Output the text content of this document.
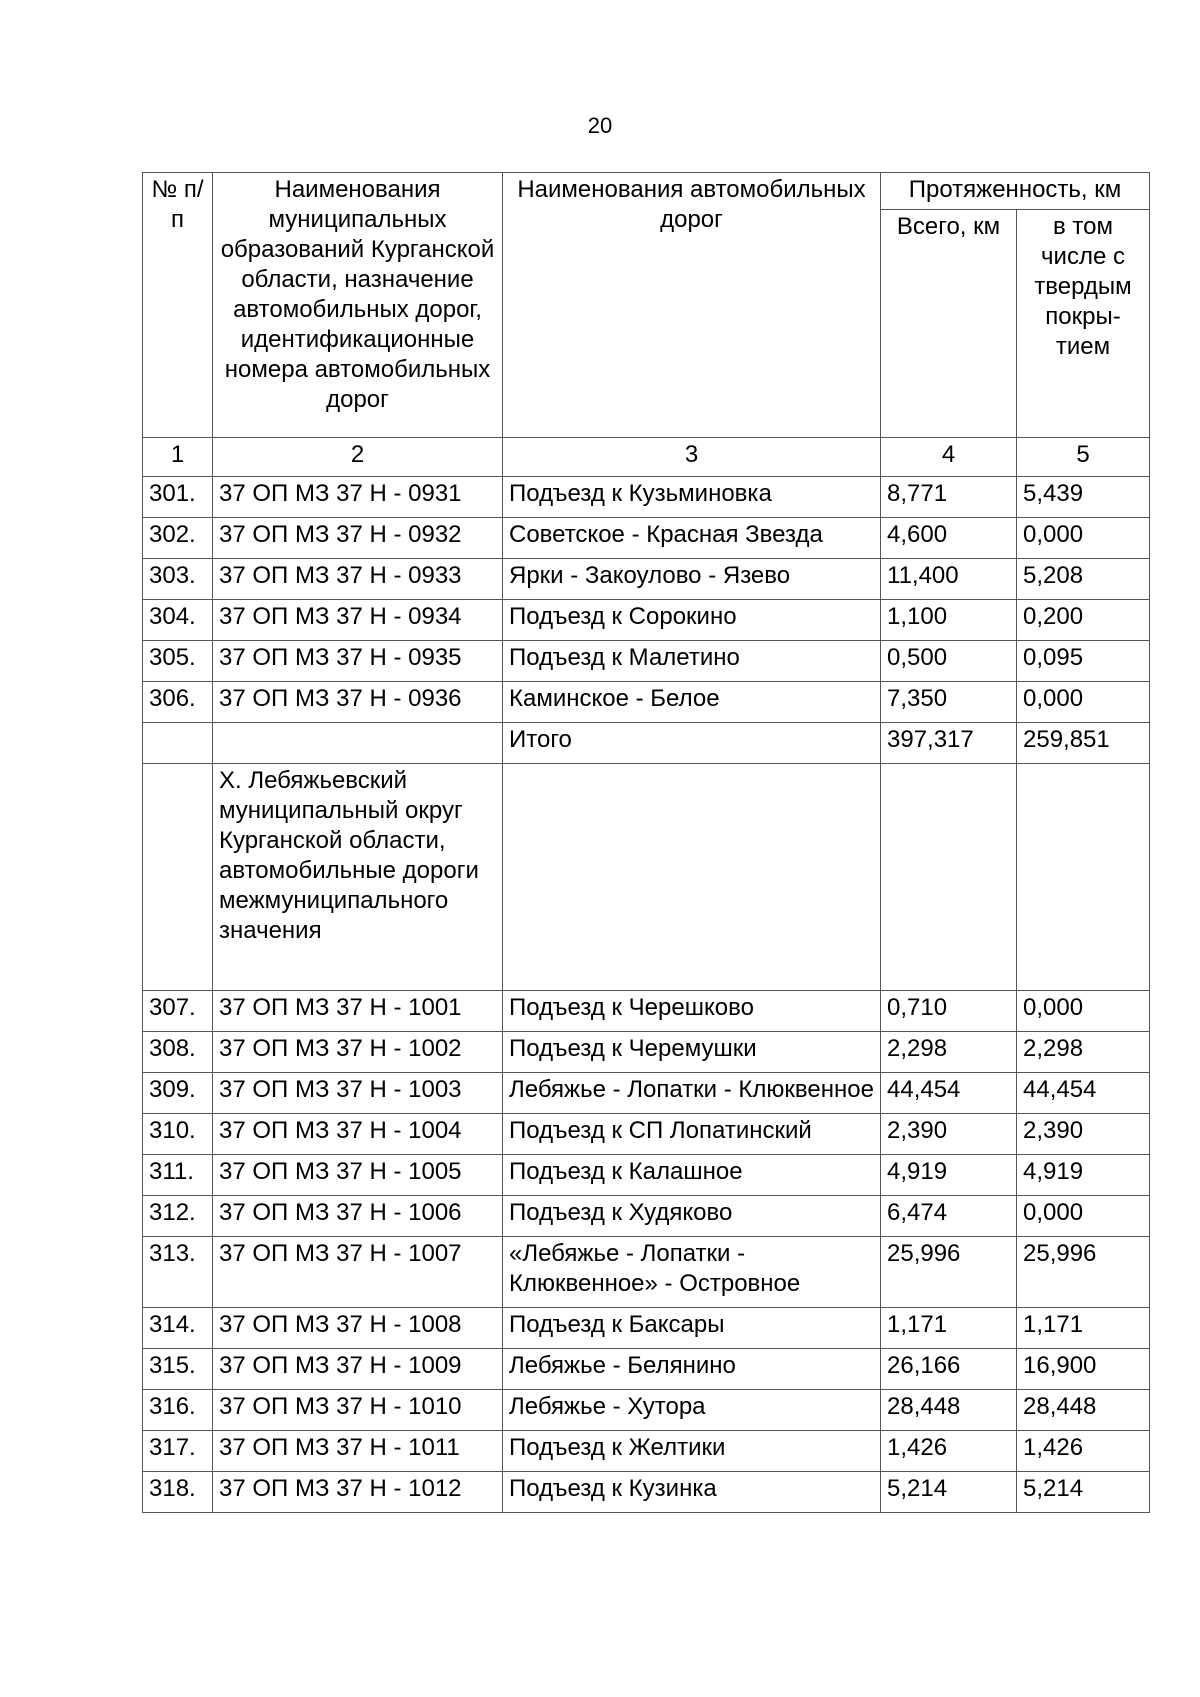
20
№ п/п	Наименования муниципальных образований Курганской области, назначение автомобильных дорог, идентификационные номера автомобильных дорог	Наименования автомобильных дорог	Протяженность, км	
			Всего, км	в том числе с твердым покры-тием
1	2	3	4	5
301.	37 ОП МЗ 37 Н - 0931	Подъезд к Кузьминовка	8,771	5,439
302.	37 ОП МЗ 37 Н - 0932	Советское - Красная Звезда	4,600	0,000
303.	37 ОП МЗ 37 Н - 0933	Ярки - Закоулово - Язево	11,400	5,208
304.	37 ОП МЗ 37 Н - 0934	Подъезд к Сорокино	1,100	0,200
305.	37 ОП МЗ 37 Н - 0935	Подъезд к Малетино	0,500	0,095
306.	37 ОП МЗ 37 Н - 0936	Каминское - Белое	7,350	0,000
		Итого	397,317	259,851
	X. Лебяжьевский муниципальный округ Курганской области, автомобильные дороги межмуниципального значения			
307.	37 ОП МЗ 37 Н - 1001	Подъезд к Черешково	0,710	0,000
308.	37 ОП МЗ 37 Н - 1002	Подъезд к Черемушки	2,298	2,298
309.	37 ОП МЗ 37 Н - 1003	Лебяжье - Лопатки - Клюквенное	44,454	44,454
310.	37 ОП МЗ 37 Н - 1004	Подъезд к СП Лопатинский	2,390	2,390
311.	37 ОП МЗ 37 Н - 1005	Подъезд к Калашное	4,919	4,919
312.	37 ОП МЗ 37 Н - 1006	Подъезд к Худяково	6,474	0,000
313.	37 ОП МЗ 37 Н - 1007	«Лебяжье - Лопатки - Клюквенное» - Островное	25,996	25,996
314.	37 ОП МЗ 37 Н - 1008	Подъезд к Баксары	1,171	1,171
315.	37 ОП МЗ 37 Н - 1009	Лебяжье - Белянино	26,166	16,900
316.	37 ОП МЗ 37 Н - 1010	Лебяжье - Хутора	28,448	28,448
317.	37 ОП МЗ 37 Н - 1011	Подъезд к Желтики	1,426	1,426
318.	37 ОП МЗ 37 Н - 1012	Подъезд к Кузинка	5,214	5,214
